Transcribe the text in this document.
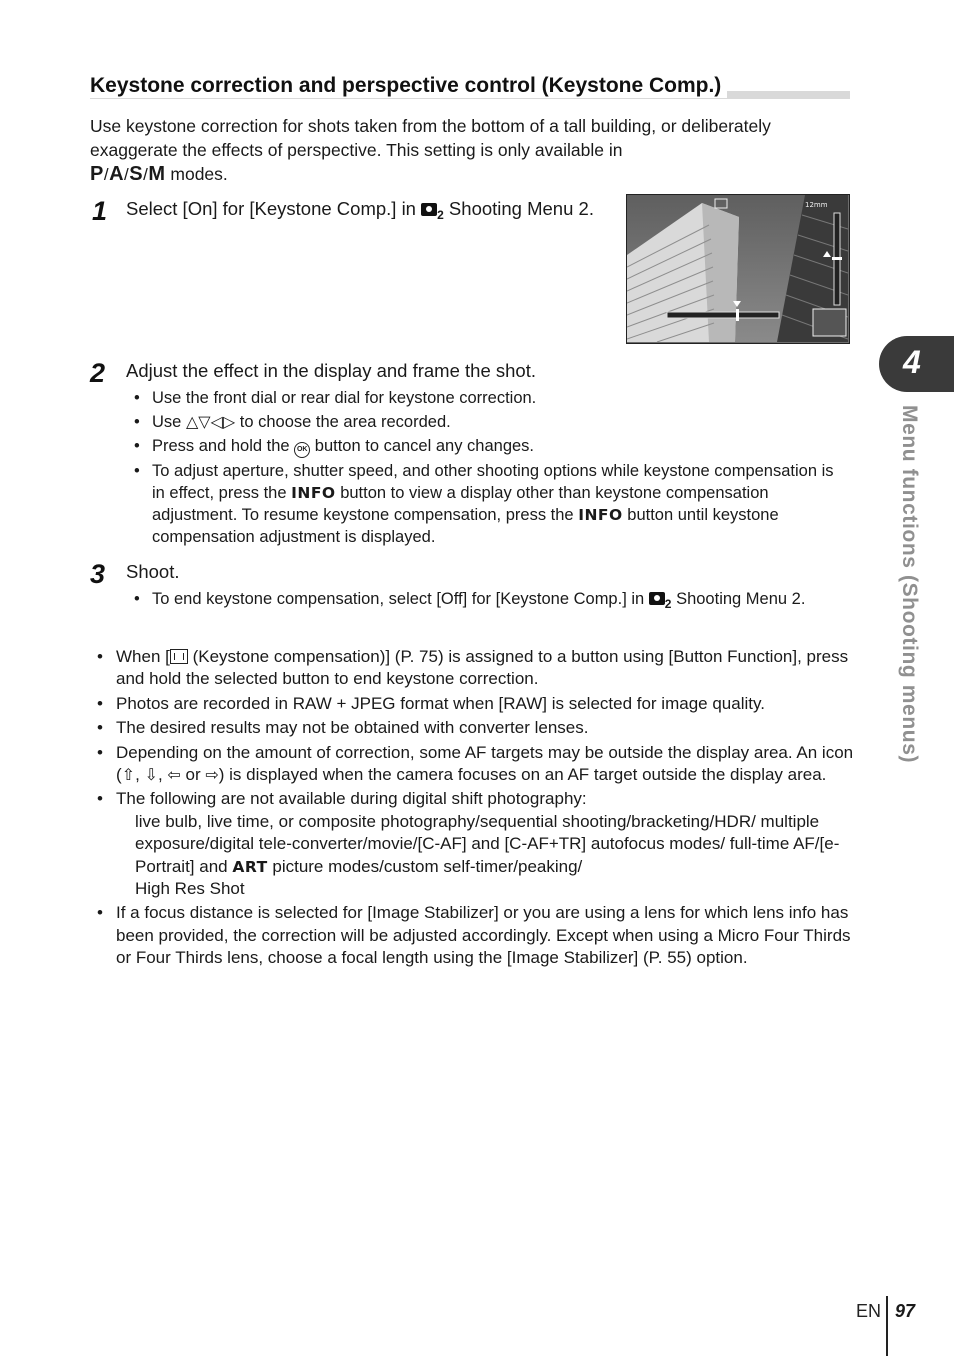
Keystone correction and perspective control (Keystone Comp.)

Use keystone correction for shots taken from the bottom of a tall building, or deliberately exaggerate the effects of perspective. This setting is only available in
P/A/S/M modes.

1 Select [On] for [Keystone Comp.] in $_2$ Shooting Menu 2.	12mm
2 Adjust the effect in the display and frame the shot.
• Use the front dial or rear dial for keystone correction.
• Use △▽◁▷ to choose the area recorded.
• Press and hold the OK button to cancel any changes.
• To adjust aperture, shutter speed, and other shooting options while keystone compensation is in effect, press the INFO button to view a display other than keystone compensation adjustment. To resume keystone compensation, press the INFO button until keystone compensation adjustment is displayed.
3 Shoot.
• To end keystone compensation, select [Off] for [Keystone Comp.] in $_2$ Shooting Menu 2.
• When [ (Keystone compensation)] (P. 75) is assigned to a button using [Button Function], press and hold the selected button to end keystone correction.
• Photos are recorded in RAW + JPEG format when [RAW] is selected for image quality.
• The desired results may not be obtained with converter lenses.
• Depending on the amount of correction, some AF targets may be outside the display area. An icon (⇧, ⇩, ⇦ or ⇨) is displayed when the camera focuses on an AF target outside the display area.
• The following are not available during digital shift photography:
live bulb, live time, or composite photography/sequential shooting/bracketing/HDR/ multiple exposure/digital tele-converter/movie/[C-AF] and [C-AF+TR] autofocus modes/ full-time AF/[e-Portrait] and ART picture modes/custom self-timer/peaking/
High Res Shot
• If a focus distance is selected for [Image Stabilizer] or you are using a lens for which lens info has been provided, the correction will be adjusted accordingly. Except when using a Micro Four Thirds or Four Thirds lens, choose a focal length using the [Image Stabilizer] (P. 55) option.
4
Menu functions (Shooting menus)
EN 97
